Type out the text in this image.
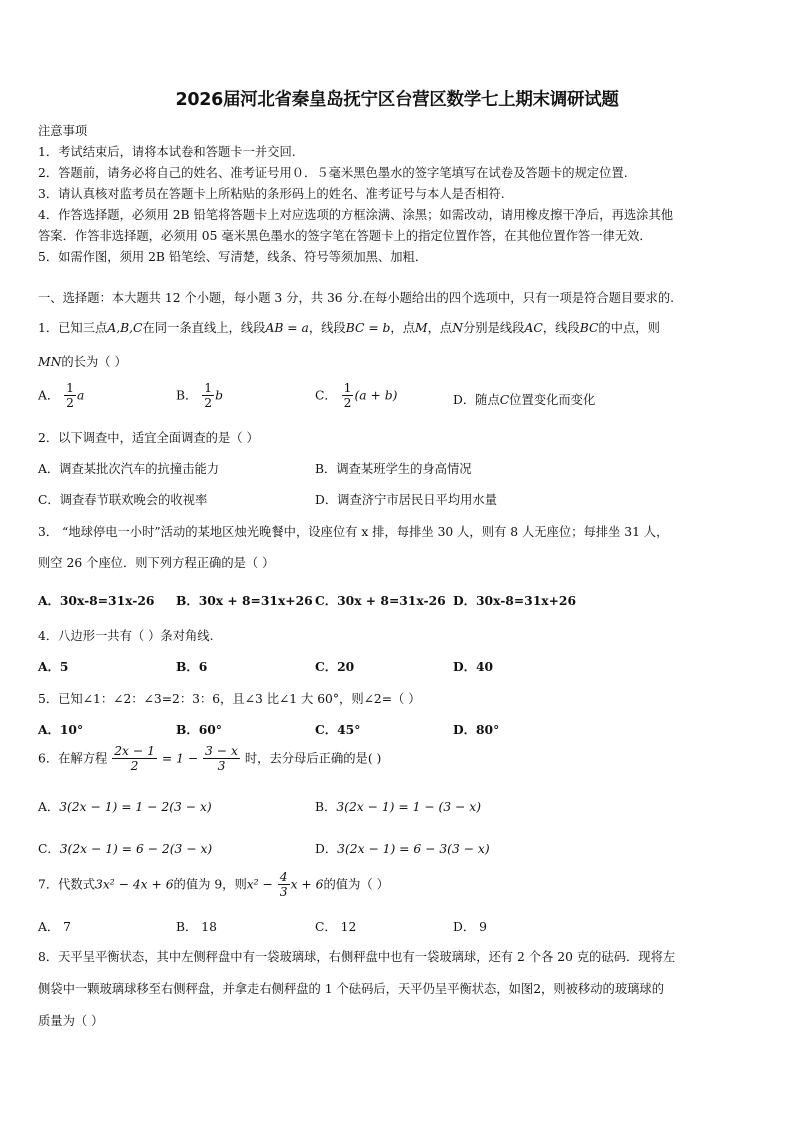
2026届河北省秦皇岛抚宁区台营区数学七上期末调研试题
注意事项
1．考试结束后，请将本试卷和答题卡一并交回.
2．答题前，请务必将自己的姓名、准考证号用０．５毫米黑色墨水的签字笔填写在试卷及答题卡的规定位置.
3．请认真核对监考员在答题卡上所粘贴的条形码上的姓名、准考证号与本人是否相符.
4．作答选择题，必须用 2B 铅笔将答题卡上对应选项的方框涂满、涂黑；如需改动，请用橡皮擦干净后，再选涂其他
答案．作答非选择题，必须用 05 毫米黑色墨水的签字笔在答题卡上的指定位置作答，在其他位置作答一律无效．
5．如需作图，须用 2B 铅笔绘、写清楚，线条、符号等须加黑、加粗．
一、选择题：本大题共 12 个小题，每小题 3 分，共 36 分.在每小题给出的四个选项中，只有一项是符合题目要求的.
1．已知三点A,B,C在同一条直线上，线段AB = a，线段BC = b，点M，点N分别是线段AC，线段BC的中点，则
MN的长为（ ）
A． $\frac{1}{2}$ a	B． $\frac{1}{2}$ b	C． $\frac{1}{2} (a + b)$	D．随点C位置变化而变化
2．以下调查中，适宜全面调查的是（ ）
A．调查某批次汽车的抗撞击能力	B．调查某班学生的身高情况
C．调查春节联欢晚会的收视率	D．调查济宁市居民日平均用水量
3． “地球停电一小时”活动的某地区烛光晚餐中，设座位有 x 排，每排坐 30 人，则有 8 人无座位；每排坐 31 人，
则空 26 个座位．则下列方程正确的是（ ）
A．30x-8=31x-26 B．30x + 8=31x+26 C．30x + 8=31x-26 D．30x-8=31x+26
4．八边形一共有（ ）条对角线.
A．5	B．6	C．20	D．40
5．已知∠1：∠2：∠3=2：3：6，且∠3 比∠1 大 60°，则∠2=（ ）
A．10°	B．60°	C．45°	D．80°
6．在解方程 $\frac{2x - 1}{2} = 1 - \frac{3 - x}{3}$ 时，去分母后正确的是( )
A．3(2x − 1) = 1 − 2(3 − x)	B．3(2x − 1) = 1 − (3 − x)
C．3(2x − 1) = 6 − 2(3 − x)	D．3(2x − 1) = 6 − 3(3 − x)
7．代数式3x² − 4x + 6的值为 9，则$x^2 - \frac{4}{3}$ x + 6的值为（ ）
A． 7	B． 18	C． 12	D． 9
8．天平呈平衡状态，其中左侧秤盘中有一袋玻璃球，右侧秤盘中也有一袋玻璃球，还有 2 个各 20 克的砝码．现将左
侧袋中一颗玻璃球移至右侧秤盘，并拿走右侧秤盘的 1 个砝码后，天平仍呈平衡状态，如图2，则被移动的玻璃球的
质量为（ ）
